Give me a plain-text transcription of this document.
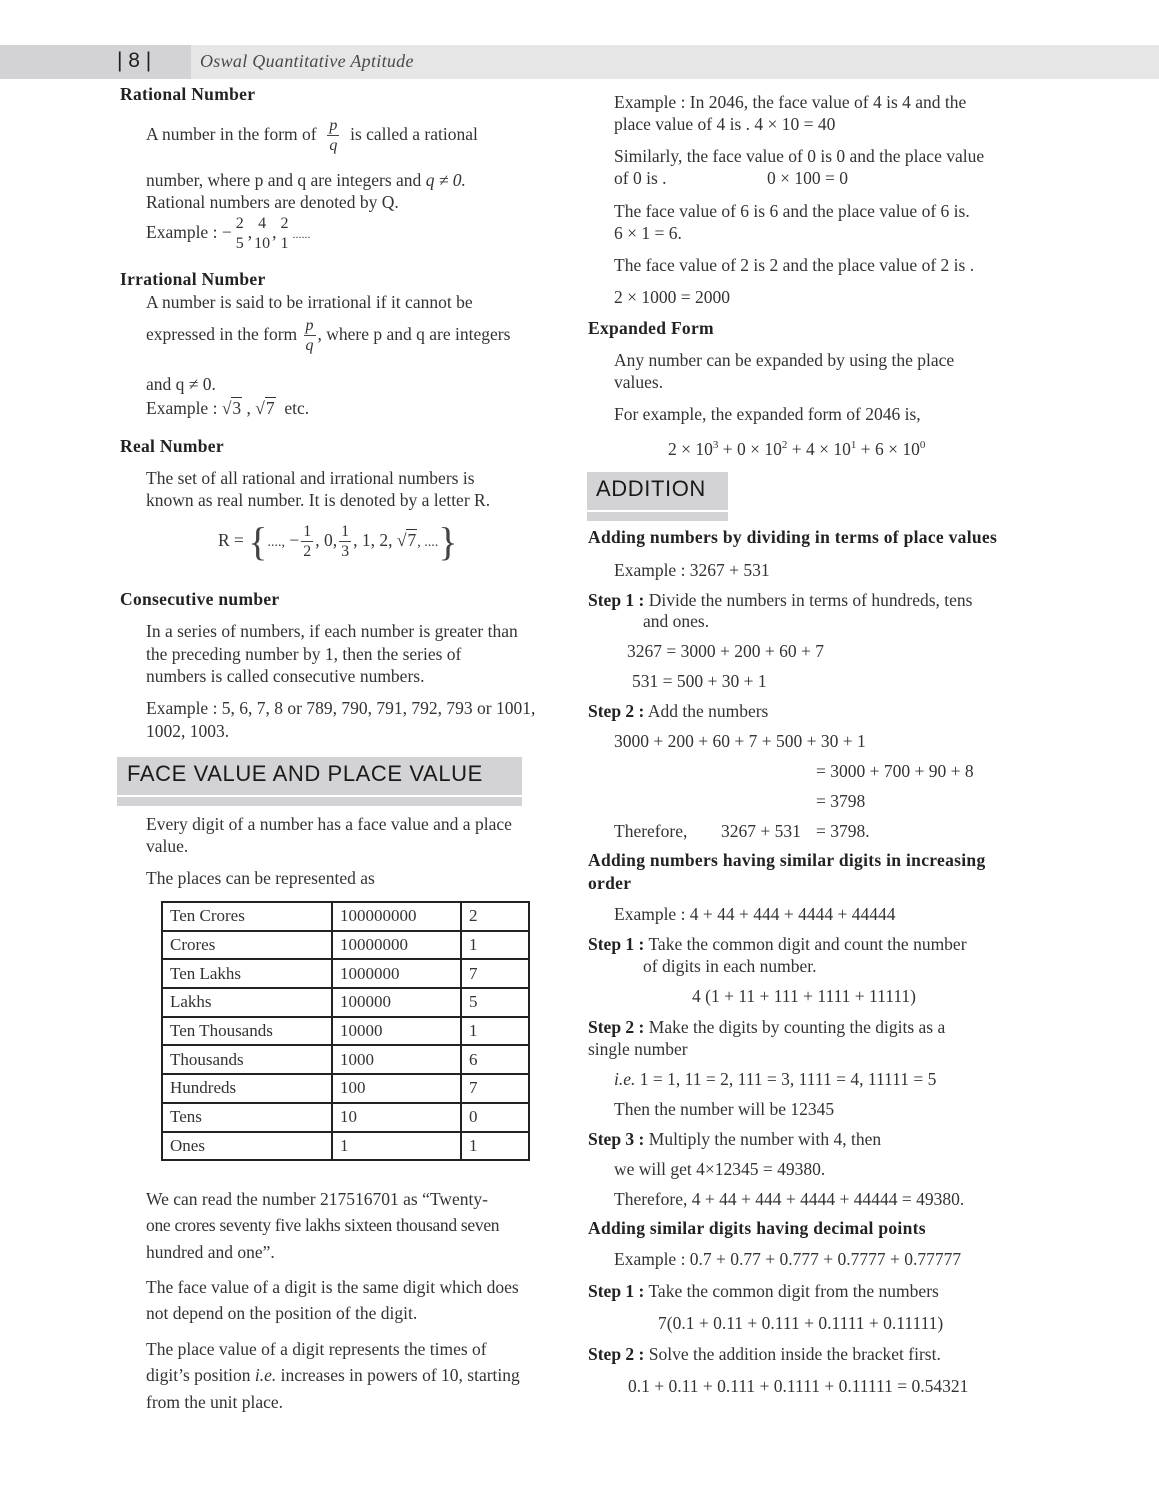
| 8 |	Oswal Quantitative Aptitude
Rational Number
A number in the form of $\frac{p}{q}$ is called a rational
number, where p and q are integers and q ≠ 0.
Rational numbers are denoted by Q.
Example : − 2
5
, 4
10
, 2
1
......
Irrational Number
A number is said to be irrational if it cannot be
expressed in the form $\frac{p}{q}$ , where p and q are integers
and q ≠ 0.
Example : √3 , √7 etc.
Real Number
The set of all rational and irrational numbers is
known as real number. It is denoted by a letter R.
R = {...., − $\frac{1}{2}$ , 0, $\frac{1}{3}$ , 1, 2, √7, ....}
Consecutive number
In a series of numbers, if each number is greater than
the preceding number by 1, then the series of
numbers is called consecutive numbers.
Example : 5, 6, 7, 8 or 789, 790, 791, 792, 793 or 1001,
1002, 1003.
FACE VALUE AND PLACE VALUE
Every digit of a number has a face value and a place
value.
The places can be represented as
Ten Crores	100000000	2
Crores	10000000	1
Ten Lakhs	1000000	7
Lakhs	100000	5
Ten Thousands	10000	1
Thousands	1000	6
Hundreds	100	7
Tens	10	0
Ones	1	1
We can read the number 217516701 as “Twenty-
one crores seventy five lakhs sixteen thousand seven
hundred and one”.
The face value of a digit is the same digit which does
not depend on the position of the digit.
The place value of a digit represents the times of
digit’s position i.e. increases in powers of 10, starting
from the unit place.
Example : In 2046, the face value of 4 is 4 and the
place value of 4 is . 4 × 10 = 40
Similarly, the face value of 0 is 0 and the place value
of 0 is .	0 × 100 = 0
The face value of 6 is 6 and the place value of 6 is.
6 × 1 = 6.
The face value of 2 is 2 and the place value of 2 is .
2 × 1000 = 2000
Expanded Form
Any number can be expanded by using the place
values.
For example, the expanded form of 2046 is,
$2 \times 10^3 + 0 \times 10^2 + 4 \times 10^1 + 6 \times 10^0$
ADDITION
Adding numbers by dividing in terms of place values
Example : 3267 + 531
Step 1 : Divide the numbers in terms of hundreds, tens
and ones.
3267 = 3000 + 200 + 60 + 7
531 = 500 + 30 + 1
Step 2 : Add the numbers
3000 + 200 + 60 + 7 + 500 + 30 + 1
= 3000 + 700 + 90 + 8
= 3798
Therefore, 3267 + 531 = 3798.
Adding numbers having similar digits in increasing
order
Example : 4 + 44 + 444 + 4444 + 44444
Step 1 : Take the common digit and count the number
of digits in each number.
4 (1 + 11 + 111 + 1111 + 11111)
Step 2 : Make the digits by counting the digits as a
single number
i.e. 1 = 1, 11 = 2, 111 = 3, 1111 = 4, 11111 = 5
Then the number will be 12345
Step 3 : Multiply the number with 4, then
we will get 4×12345 = 49380.
Therefore, 4 + 44 + 444 + 4444 + 44444 = 49380.
Adding similar digits having decimal points
Example : 0.7 + 0.77 + 0.777 + 0.7777 + 0.77777
Step 1 : Take the common digit from the numbers
7(0.1 + 0.11 + 0.111 + 0.1111 + 0.11111)
Step 2 : Solve the addition inside the bracket first.
0.1 + 0.11 + 0.111 + 0.1111 + 0.11111 = 0.54321
